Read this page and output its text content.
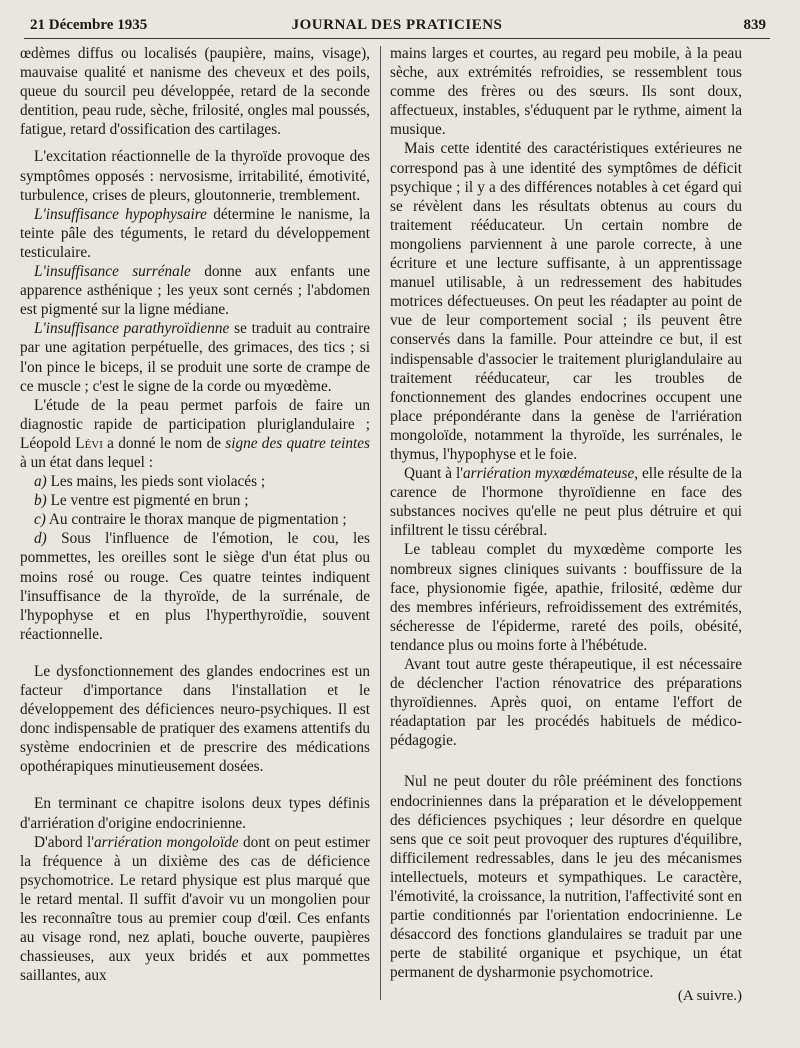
21 Décembre 1935	JOURNAL DES PRATICIENS	839

œdèmes diffus ou localisés (paupière, mains, visage), mauvaise qualité et nanisme des cheveux et des poils, queue du sourcil peu développée, retard de la seconde dentition, peau rude, sèche, frilosité, ongles mal poussés, fatigue, retard d'ossification des cartilages.

L'excitation réactionnelle de la thyroïde provoque des symptômes opposés : nervosisme, irritabilité, émotivité, turbulence, crises de pleurs, gloutonnerie, tremblement.

L'insuffisance hypophysaire détermine le nanisme, la teinte pâle des téguments, le retard du développement testiculaire.

L'insuffisance surrénale donne aux enfants une apparence asthénique ; les yeux sont cernés ; l'abdomen est pigmenté sur la ligne médiane.

L'insuffisance parathyroïdienne se traduit au contraire par une agitation perpétuelle, des grimaces, des tics ; si l'on pince le biceps, il se produit une sorte de crampe de ce muscle ; c'est le signe de la corde ou myœdème.

L'étude de la peau permet parfois de faire un diagnostic rapide de participation pluriglandulaire ; Léopold Lévi a donné le nom de signe des quatre teintes à un état dans lequel :

a) Les mains, les pieds sont violacés ;

b) Le ventre est pigmenté en brun ;

c) Au contraire le thorax manque de pigmentation ;

d) Sous l'influence de l'émotion, le cou, les pommettes, les oreilles sont le siège d'un état plus ou moins rosé ou rouge. Ces quatre teintes indiquent l'insuffisance de la thyroïde, de la surrénale, de l'hypophyse et en plus l'hyperthyroïdie, souvent réactionnelle.

Le dysfonctionnement des glandes endocrines est un facteur d'importance dans l'installation et le développement des déficiences neuro-psychiques. Il est donc indispensable de pratiquer des examens attentifs du système endocrinien et de prescrire des médications opothérapiques minutieusement dosées.

En terminant ce chapitre isolons deux types définis d'arriération d'origine endocrinienne.

D'abord l'arriération mongoloïde dont on peut estimer la fréquence à un dixième des cas de déficience psychomotrice. Le retard physique est plus marqué que le retard mental. Il suffit d'avoir vu un mongolien pour les reconnaître tous au premier coup d'œil. Ces enfants au visage rond, nez aplati, bouche ouverte, paupières chassieuses, aux yeux bridés et aux pommettes saillantes, aux

mains larges et courtes, au regard peu mobile, à la peau sèche, aux extrémités refroidies, se ressemblent tous comme des frères ou des sœurs. Ils sont doux, affectueux, instables, s'éduquent par le rythme, aiment la musique.

Mais cette identité des caractéristiques extérieures ne correspond pas à une identité des symptômes de déficit psychique ; il y a des différences notables à cet égard qui se révèlent dans les résultats obtenus au cours du traitement rééducateur. Un certain nombre de mongoliens parviennent à une parole correcte, à une écriture et une lecture suffisante, à un apprentissage manuel utilisable, à un redressement des habitudes motrices défectueuses. On peut les réadapter au point de vue de leur comportement social ; ils peuvent être conservés dans la famille. Pour atteindre ce but, il est indispensable d'associer le traitement pluriglandulaire au traitement rééducateur, car les troubles de fonctionnement des glandes endocrines occupent une place prépondérante dans la genèse de l'arriération mongoloïde, notamment la thyroïde, les surrénales, le thymus, l'hypophyse et le foie.

Quant à l'arriération myxœdémateuse, elle résulte de la carence de l'hormone thyroïdienne en face des substances nocives qu'elle ne peut plus détruire et qui infiltrent le tissu cérébral.

Le tableau complet du myxœdème comporte les nombreux signes cliniques suivants : bouffissure de la face, physionomie figée, apathie, frilosité, œdème dur des membres inférieurs, refroidissement des extrémités, sécheresse de l'épiderme, rareté des poils, obésité, tendance plus ou moins forte à l'hébétude.

Avant tout autre geste thérapeutique, il est nécessaire de déclencher l'action rénovatrice des préparations thyroïdiennes. Après quoi, on entame l'effort de réadaptation par les procédés habituels de médico-pédagogie.

Nul ne peut douter du rôle prééminent des fonctions endocriniennes dans la préparation et le développement des déficiences psychiques ; leur désordre en quelque sens que ce soit peut provoquer des ruptures d'équilibre, difficilement redressables, dans le jeu des mécanismes intellectuels, moteurs et sympathiques. Le caractère, l'émotivité, la croissance, la nutrition, l'affectivité sont en partie conditionnés par l'orientation endocrinienne. Le désaccord des fonctions glandulaires se traduit par une perte de stabilité organique et psychique, un état permanent de dysharmonie psychomotrice.

(A suivre.)
